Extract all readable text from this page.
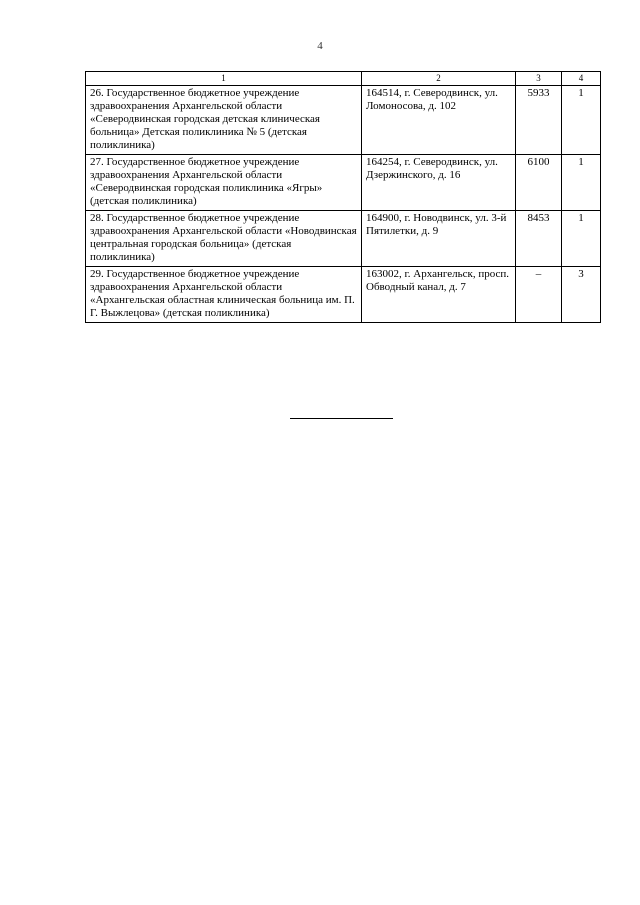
4
1	2	3	4
26. Государственное бюджетное учреждение здравоохранения Архангельской области «Северодвинская городская детская клиническая больница» Детская поликлиника № 5 (детская поликлиника)	164514, г. Северодвинск, ул. Ломоносова, д. 102	5933	1
27. Государственное бюджетное учреждение здравоохранения Архангельской области «Северодвинская городская поликлиника «Ягры» (детская поликлиника)	164254, г. Северодвинск, ул. Дзержинского, д. 16	6100	1
28. Государственное бюджетное учреждение здравоохранения Архангельской области «Новодвинская центральная городская больница» (детская поликлиника)	164900, г. Новодвинск, ул. 3-й Пятилетки, д. 9	8453	1
29. Государственное бюджетное учреждение здравоохранения Архангельской области «Архангельская областная клиническая больница им. П. Г. Выжлецова» (детская поликлиника)	163002, г. Архангельск, просп. Обводный канал, д. 7	–	3
